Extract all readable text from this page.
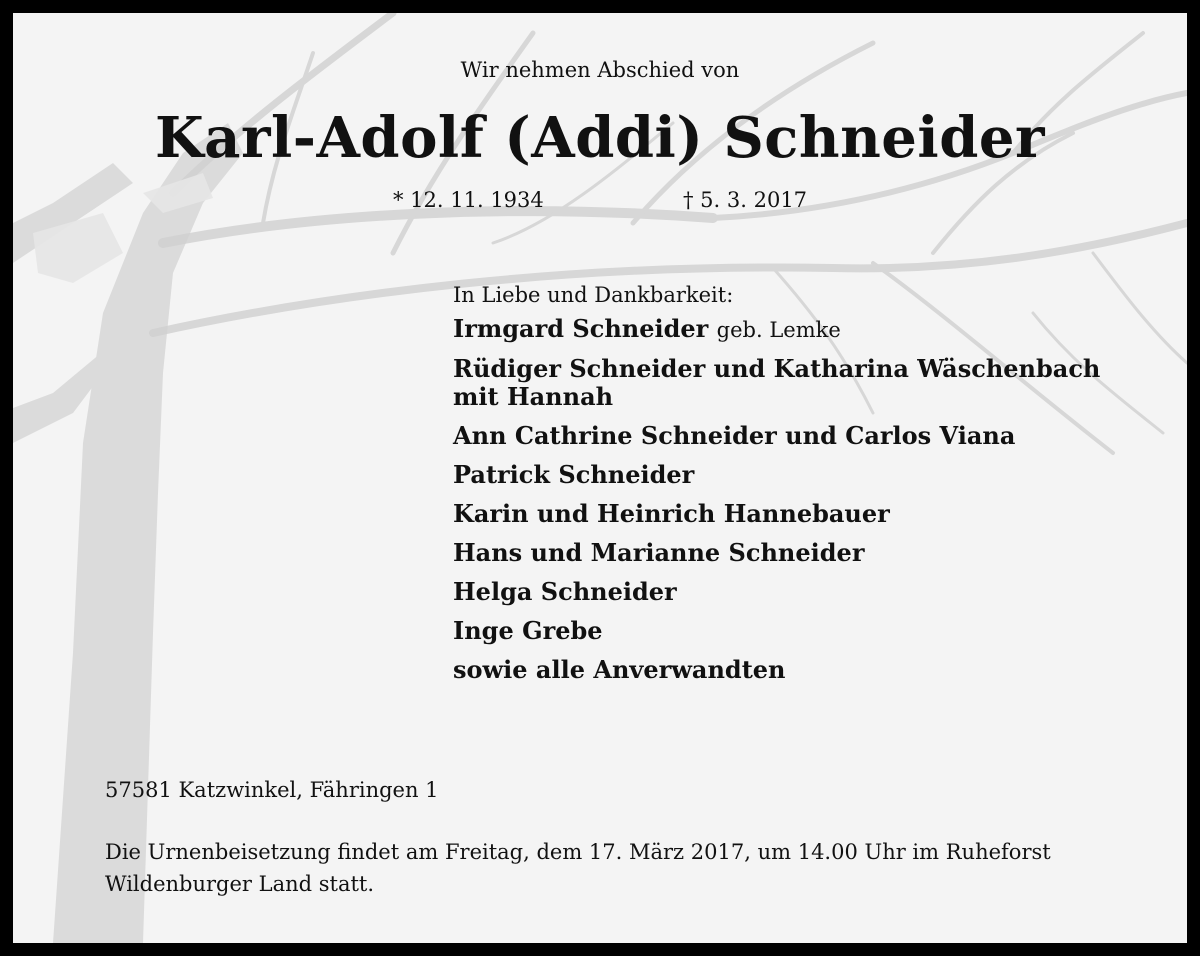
Wir nehmen Abschied von
Karl-Adolf (Addi) Schneider
* 12. 11. 1934	† 5. 3. 2017
In Liebe und Dankbarkeit:
Irmgard Schneider geb. Lemke
Rüdiger Schneider und Katharina Wäschenbach
mit Hannah
Ann Cathrine Schneider und Carlos Viana
Patrick Schneider
Karin und Heinrich Hannebauer
Hans und Marianne Schneider
Helga Schneider
Inge Grebe
sowie alle Anverwandten
57581 Katzwinkel, Fähringen 1
Die Urnenbeisetzung findet am Freitag, dem 17. März 2017, um 14.00 Uhr im Ruheforst
Wildenburger Land statt.
